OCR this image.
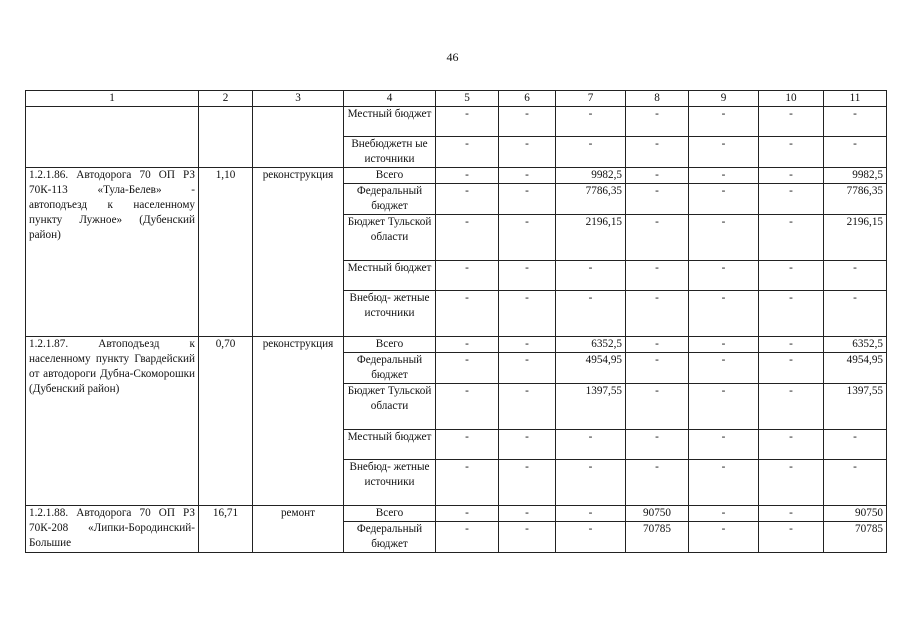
46
1	2	3	4	5	6	7	8	9	10	11
			Местный бюджет	-	-	-	-	-	-	-
			Внебюджетн ые источники	-	-	-	-	-	-	-
1.2.1.86. Автодорога 70 ОП РЗ 70К-113 «Тула-Белев» - автоподъезд к населенному пункту Лужное» (Дубенский район)	1,10	реконструкция	Всего	-	-	9982,5	-	-	-	9982,5
			Федеральный бюджет	-	-	7786,35	-	-	-	7786,35
			Бюджет Тульской области	-	-	2196,15	-	-	-	2196,15
			Местный бюджет	-	-	-	-	-	-	-
			Внебюд- жетные источники	-	-	-	-	-	-	-
1.2.1.87. Автоподъезд к населенному пункту Гвардейский от автодороги Дубна-Скоморошки (Дубенский район)	0,70	реконструкция	Всего	-	-	6352,5	-	-	-	6352,5
			Федеральный бюджет	-	-	4954,95	-	-	-	4954,95
			Бюджет Тульской области	-	-	1397,55	-	-	-	1397,55
			Местный бюджет	-	-	-	-	-	-	-
			Внебюд- жетные источники	-	-	-	-	-	-	-
1.2.1.88. Автодорога 70 ОП РЗ 70К-208 «Липки-Бородинский-Большие	16,71	ремонт	Всего	-	-	-	90750	-	-	90750
			Федеральный бюджет	-	-	-	70785	-	-	70785
